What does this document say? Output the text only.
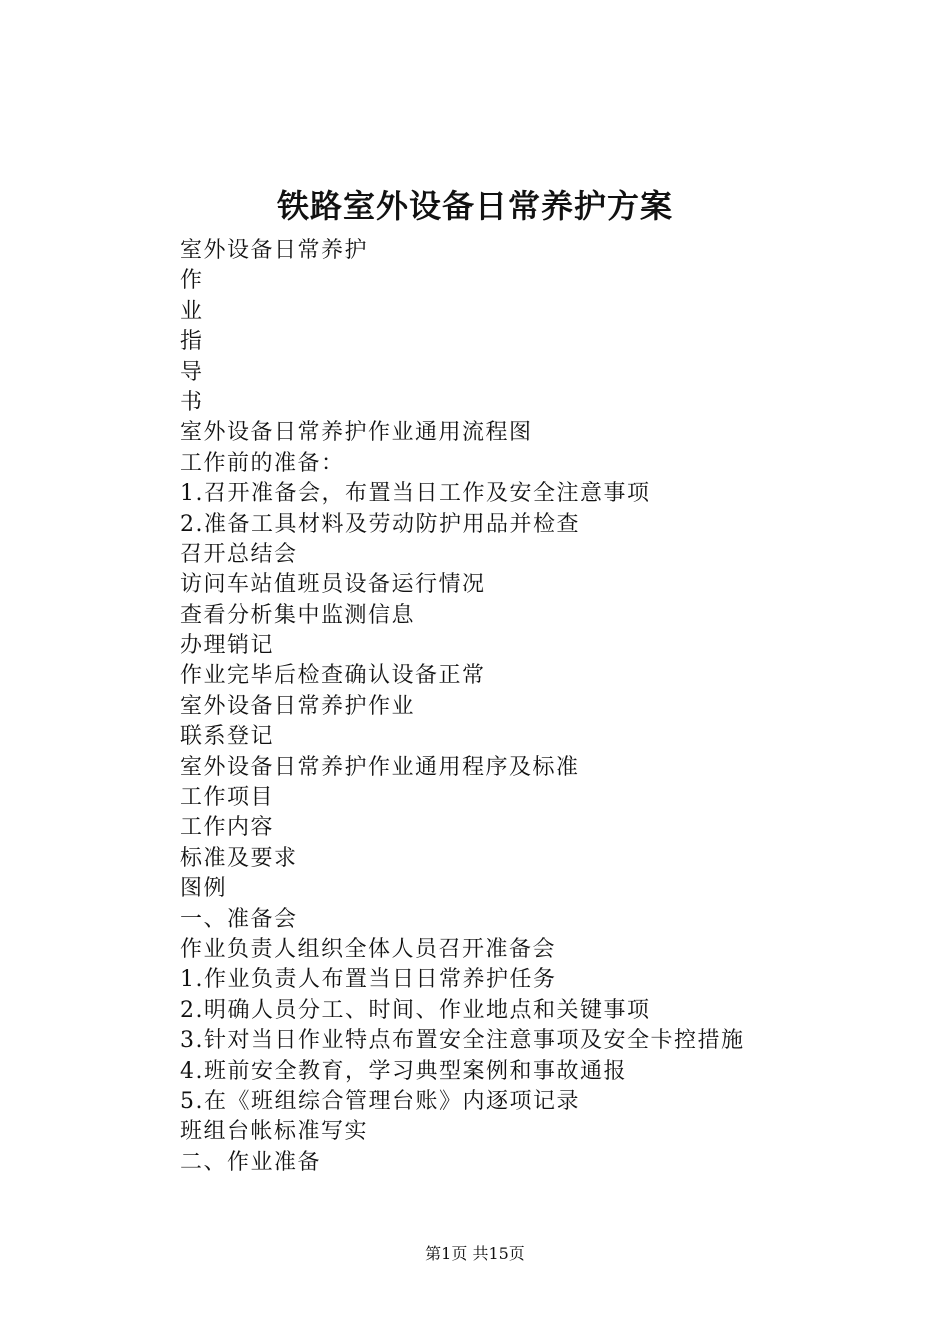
铁路室外设备日常养护方案
室外设备日常养护
作
业
指
导
书
室外设备日常养护作业通用流程图
工作前的准备：
1.召开准备会，布置当日工作及安全注意事项
2.准备工具材料及劳动防护用品并检查
召开总结会
访问车站值班员设备运行情况
查看分析集中监测信息
办理销记
作业完毕后检查确认设备正常
室外设备日常养护作业
联系登记
室外设备日常养护作业通用程序及标准
工作项目
工作内容
标准及要求
图例
一、准备会
作业负责人组织全体人员召开准备会
1.作业负责人布置当日日常养护任务
2.明确人员分工、时间、作业地点和关键事项
3.针对当日作业特点布置安全注意事项及安全卡控措施
4.班前安全教育，学习典型案例和事故通报
5.在《班组综合管理台账》内逐项记录
班组台帐标准写实
二、作业准备
第1页 共15页
